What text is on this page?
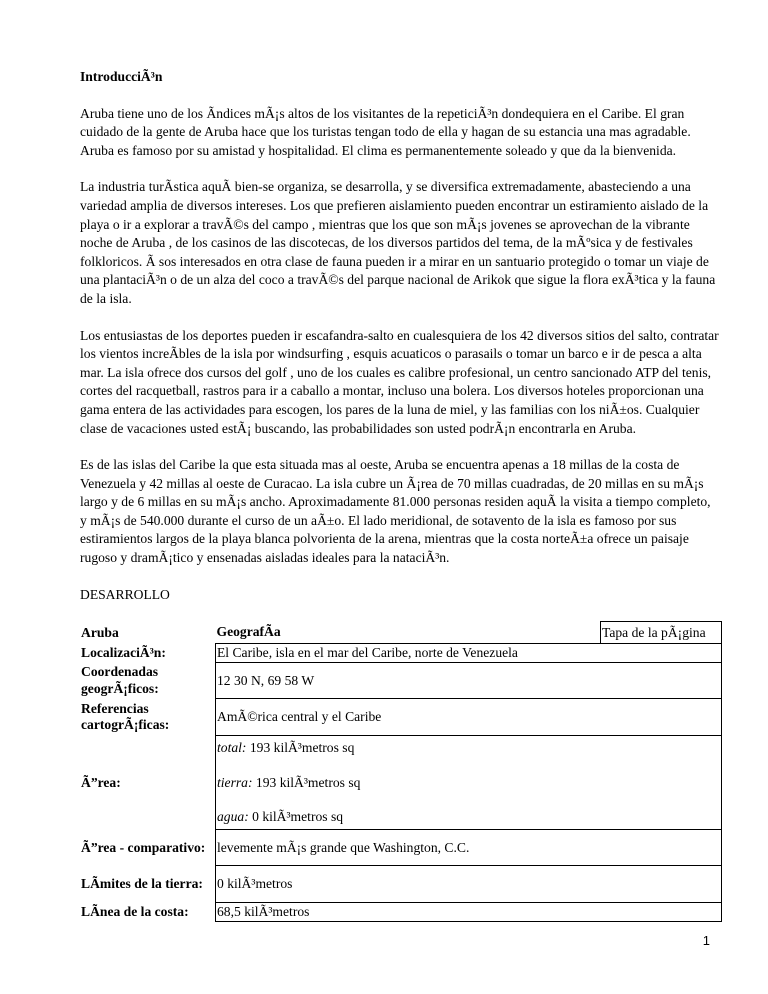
IntroducciÃ³n

Aruba tiene uno de los Ãndices mÃ¡s altos de los visitantes de la repeticiÃ³n dondequiera en el Caribe. El gran cuidado de la gente de Aruba hace que los turistas tengan todo de ella y hagan de su estancia una mas agradable. Aruba es famoso por su amistad y hospitalidad. El clima es permanentemente soleado y que da la bienvenida.

La industria turÃstica aquÃ bien-se organiza, se desarrolla, y se diversifica extremadamente, abasteciendo a una variedad amplia de diversos intereses. Los que prefieren aislamiento pueden encontrar un estiramiento aislado de la playa o ir a explorar a travÃ©s del campo , mientras que los que son mÃ¡s jovenes se aprovechan de la vibrante noche de Aruba , de los casinos de las discotecas, de los diversos partidos del tema, de la mÃºsica y de festivales folkloricos. Ã sos interesados en otra clase de fauna pueden ir a mirar en un santuario protegido o tomar un viaje de una plantaciÃ³n o de un alza del coco a travÃ©s del parque nacional de Arikok que sigue la flora exÃ³tica y la fauna de la isla.

Los entusiastas de los deportes pueden ir escafandra-salto en cualesquiera de los 42 diversos sitios del salto, contratar los vientos increÃbles de la isla por windsurfing , esquis acuaticos o parasails o tomar un barco e ir de pesca a alta mar. La isla ofrece dos cursos del golf , uno de los cuales es calibre profesional, un centro sancionado ATP del tenis, cortes del racquetball, rastros para ir a caballo a montar, incluso una bolera. Los diversos hoteles proporcionan una gama entera de las actividades para escogen, los pares de la luna de miel, y las familias con los niÃ±os. Cualquier clase de vacaciones usted estÃ¡ buscando, las probabilidades son usted podrÃ¡n encontrarla en Aruba.

Es de las islas del Caribe la que esta situada mas al oeste, Aruba se encuentra apenas a 18 millas de la costa de Venezuela y 42 millas al oeste de Curacao. La isla cubre un Ã¡rea de 70 millas cuadradas, de 20 millas en su mÃ¡s largo y de 6 millas en su mÃ¡s ancho. Aproximadamente 81.000 personas residen aquÃ la visita a tiempo completo, y mÃ¡s de 540.000 durante el curso de un aÃ±o. El lado meridional, de sotavento de la isla es famoso por sus estiramientos largos de la playa blanca polvorienta de la arena, mientras que la costa norteÃ±a ofrece un paisaje rugoso y dramÃ¡tico y ensenadas aisladas ideales para la nataciÃ³n.

DESARROLLO
Aruba	GeografÃa	Tapa de la pÃ¡gina
LocalizaciÃ³n:	El Caribe, isla en el mar del Caribe, norte de Venezuela	
Coordenadas geogrÃ¡ficos:	12 30 N, 69 58 W	
Referencias cartogrÃ¡ficas:	AmÃ©rica central y el Caribe	
Ã”rea:	total: 193 kilÃ³metros sq
tierra: 193 kilÃ³metros sq
agua: 0 kilÃ³metros sq	

Ã”rea - comparativo:	levemente mÃ¡s grande que Washington, C.C.	
LÃmites de la tierra:	0 kilÃ³metros	
LÃnea de la costa:	68,5 kilÃ³metros	
1
